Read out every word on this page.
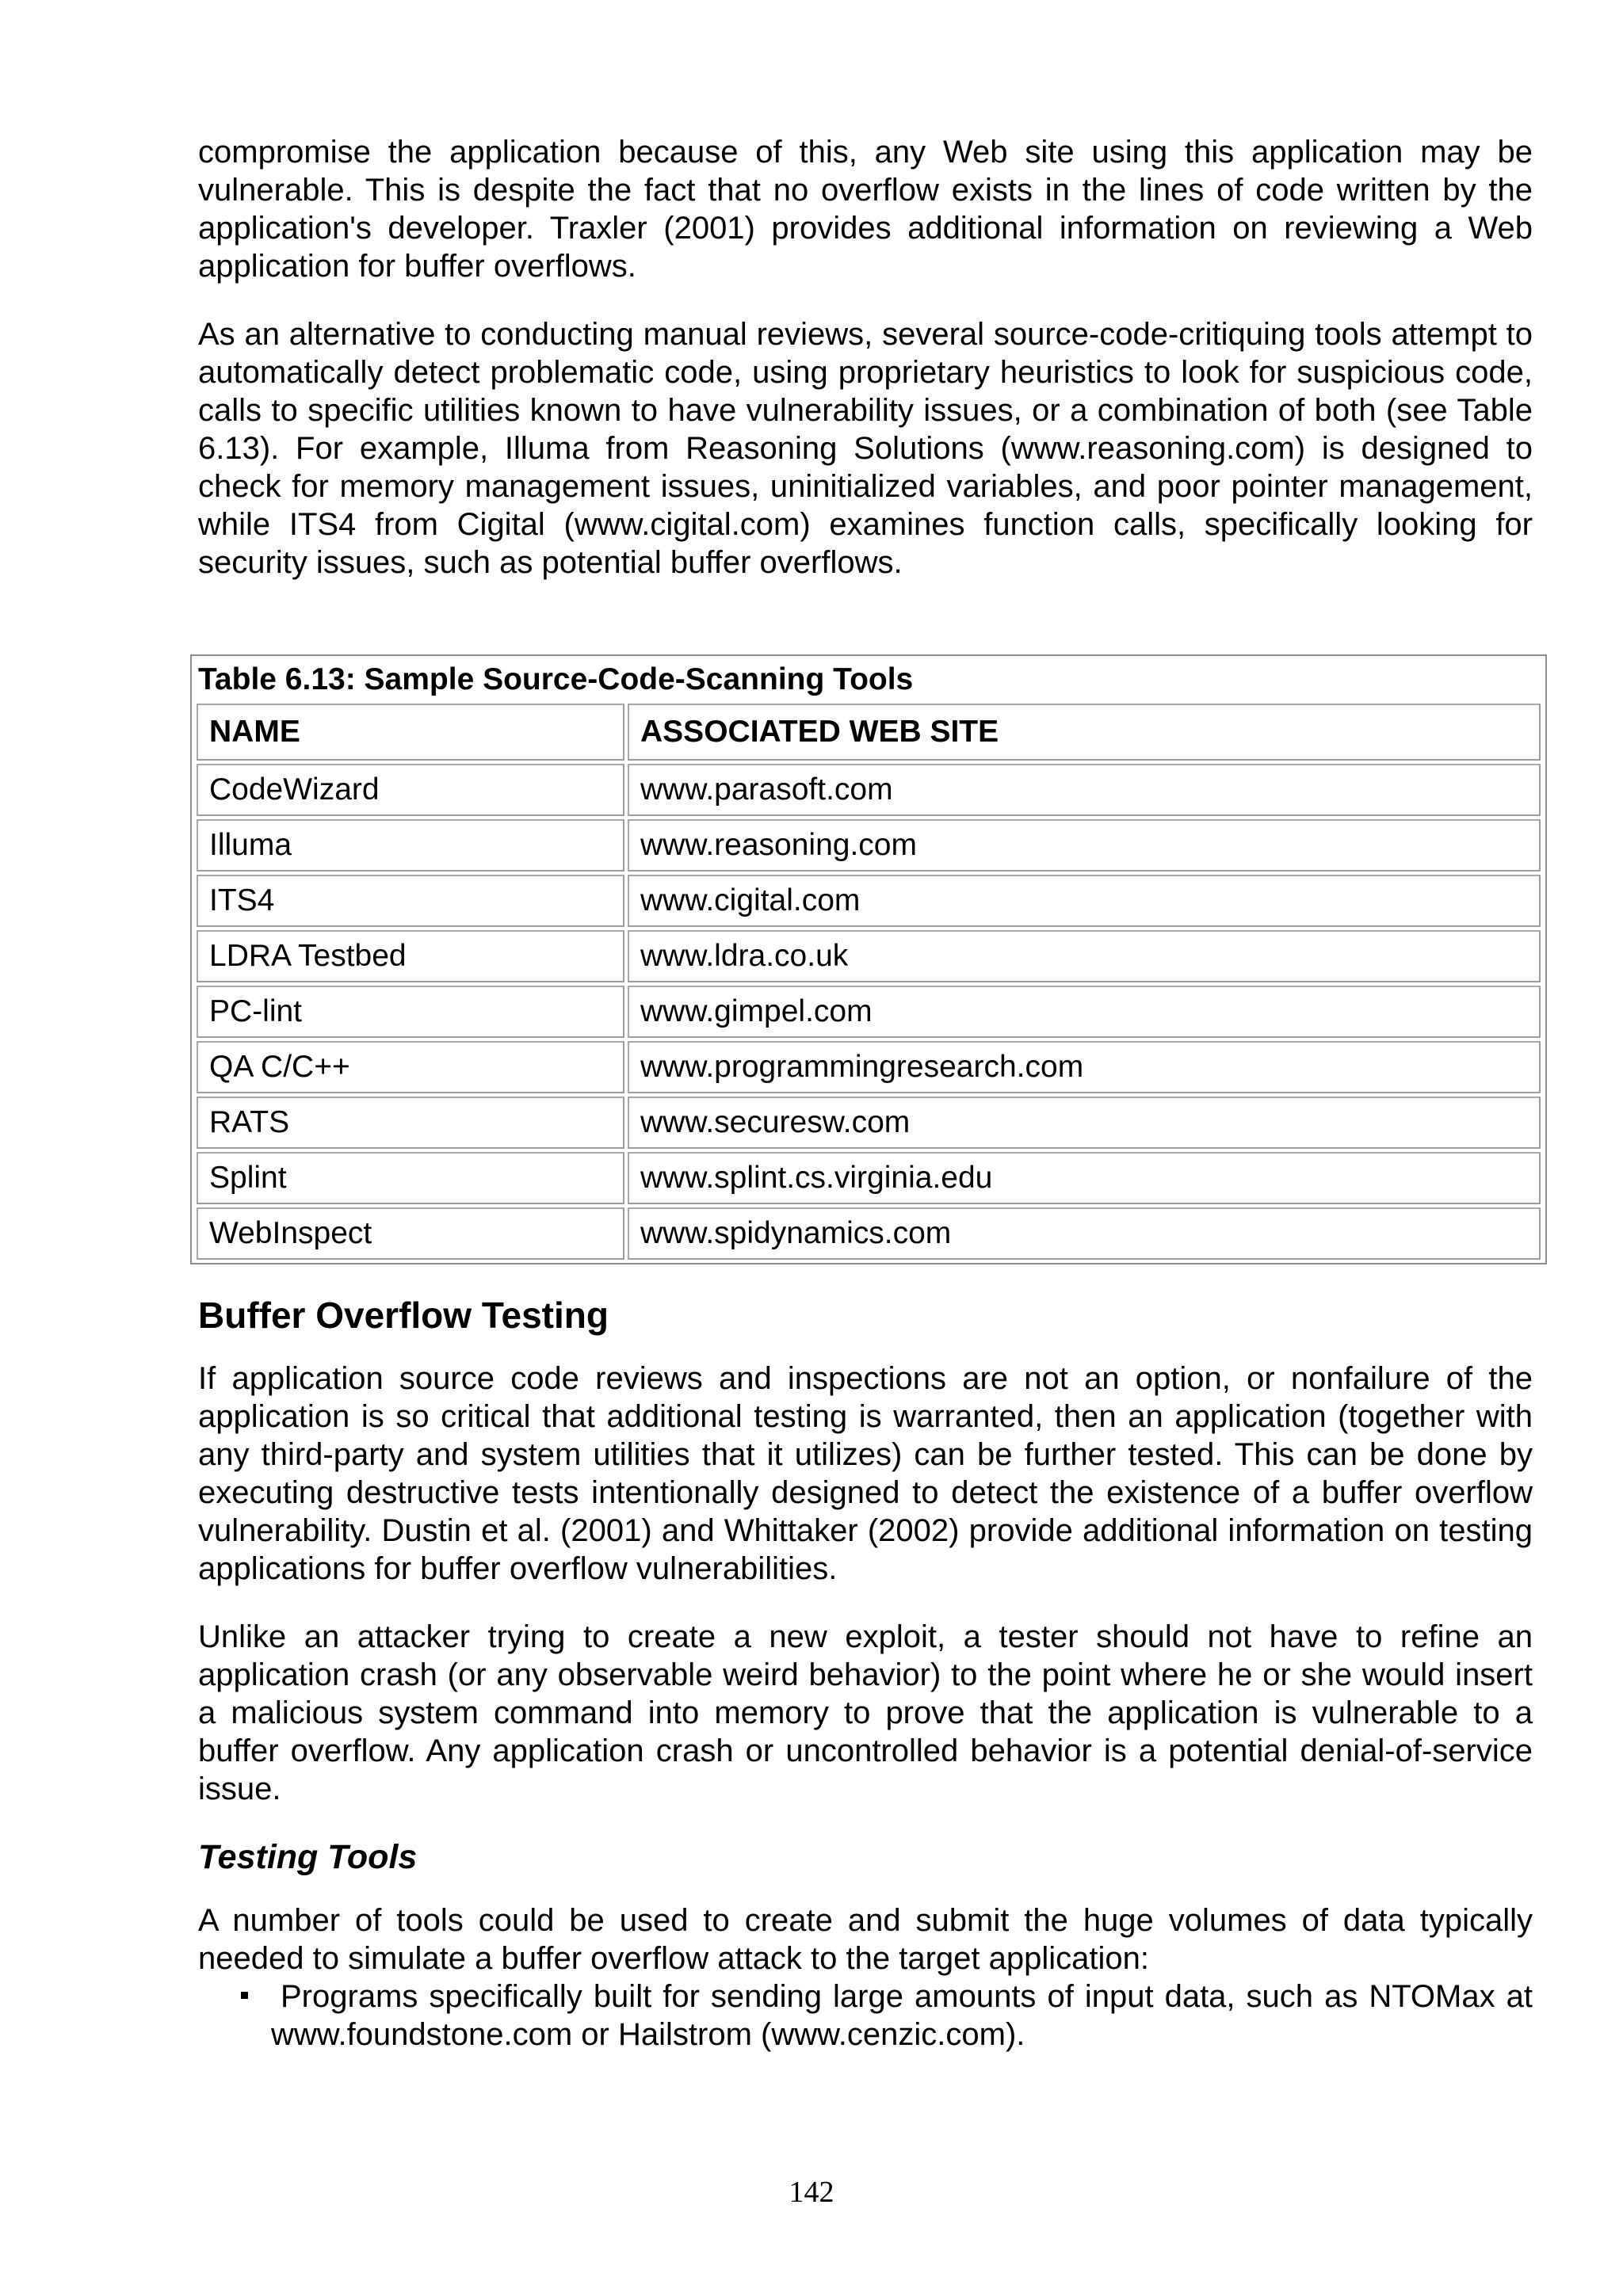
compromise the application because of this, any Web site using this application may be vulnerable. This is despite the fact that no overflow exists in the lines of code written by the application's developer. Traxler (2001) provides additional information on reviewing a Web application for buffer overflows.

As an alternative to conducting manual reviews, several source-code-critiquing tools attempt to automatically detect problematic code, using proprietary heuristics to look for suspicious code, calls to specific utilities known to have vulnerability issues, or a combination of both (see Table 6.13). For example, Illuma from Reasoning Solutions (www.reasoning.com) is designed to check for memory management issues, uninitialized variables, and poor pointer management, while ITS4 from Cigital (www.cigital.com) examines function calls, specifically looking for security issues, such as potential buffer overflows.

Table 6.13: Sample Source-Code-Scanning Tools
NAME	ASSOCIATED WEB SITE
CodeWizard	www.parasoft.com
Illuma	www.reasoning.com
ITS4	www.cigital.com
LDRA Testbed	www.ldra.co.uk
PC-lint	www.gimpel.com
QA C/C++	www.programmingresearch.com
RATS	www.securesw.com
Splint	www.splint.cs.virginia.edu
WebInspect	www.spidynamics.com
Buffer Overflow Testing

If application source code reviews and inspections are not an option, or nonfailure of the application is so critical that additional testing is warranted, then an application (together with any third-party and system utilities that it utilizes) can be further tested. This can be done by executing destructive tests intentionally designed to detect the existence of a buffer overflow vulnerability. Dustin et al. (2001) and Whittaker (2002) provide additional information on testing applications for buffer overflow vulnerabilities.

Unlike an attacker trying to create a new exploit, a tester should not have to refine an application crash (or any observable weird behavior) to the point where he or she would insert a malicious system command into memory to prove that the application is vulnerable to a buffer overflow. Any application crash or uncontrolled behavior is a potential denial-of-service issue.

Testing Tools

A number of tools could be used to create and submit the huge volumes of data typically needed to simulate a buffer overflow attack to the target application:

Programs specifically built for sending large amounts of input data, such as NTOMax at www.foundstone.com or Hailstrom (www.cenzic.com).
142
